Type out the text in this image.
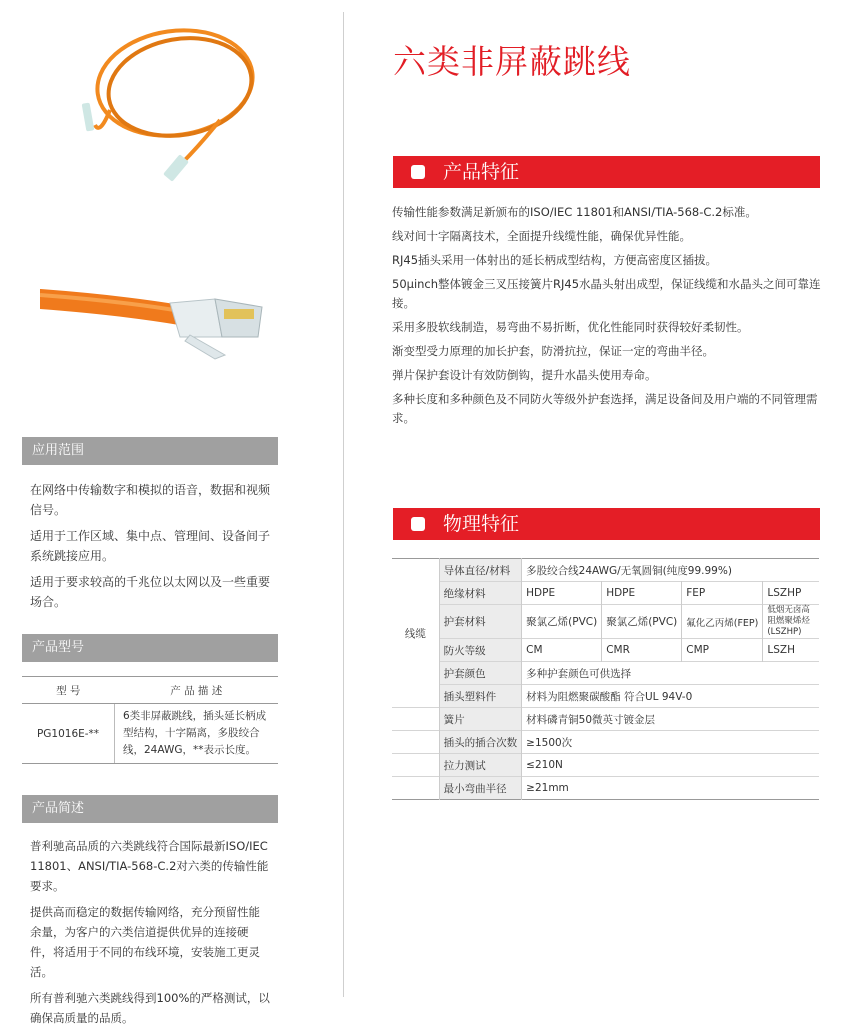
应用范围

在网络中传输数字和模拟的语音，数据和视频信号。

适用于工作区域、集中点、管理间、设备间子系统跳接应用。

适用于要求较高的千兆位以太网以及一些重要场合。

产品型号
型 号	产 品 描 述
PG1016E-**	6类非屏蔽跳线，插头延长柄成型结构，十字隔离，多股绞合线，24AWG，**表示长度。
产品简述

普利驰高品质的六类跳线符合国际最新ISO/IEC 11801、ANSI/TIA-568-C.2对六类的传输性能要求。

提供高而稳定的数据传输网络，充分预留性能余量，为客户的六类信道提供优异的连接硬件，将适用于不同的布线环境，安装施工更灵活。

所有普利驰六类跳线得到100%的严格测试，以确保高质量的品质。

六类非屏蔽跳线
产品特征

传输性能参数满足新颁布的ISO/IEC 11801和ANSI/TIA-568-C.2标准。

线对间十字隔离技术，全面提升线缆性能，确保优异性能。

RJ45插头采用一体射出的延长柄成型结构，方便高密度区插拔。

50μinch整体镀金三叉压接簧片RJ45水晶头射出成型，保证线缆和水晶头之间可靠连接。

采用多股软线制造，易弯曲不易折断，优化性能同时获得较好柔韧性。

渐变型受力原理的加长护套，防滑抗拉，保证一定的弯曲半径。

弹片保护套设计有效防倒钩，提升水晶头使用寿命。

多种长度和多种颜色及不同防火等级外护套选择，满足设备间及用户端的不同管理需求。

物理特征
线缆	导体直径/材料	多股绞合线24AWG/无氧圆铜(纯度99.99%)			
	绝缘材料	HDPE	HDPE	FEP	LSZHP
	护套材料	聚氯乙烯(PVC)	聚氯乙烯(PVC)	氟化乙丙烯(FEP)	低烟无卤高阻燃聚烯烃(LSZHP)

	防火等级	CM	CMR	CMP	LSZH
	护套颜色	多种护套颜色可供选择			
	插头塑料件	材料为阻燃聚碳酸酯 符合UL 94V-0			
	簧片	材料磷青铜50微英寸镀金层			
	插头的插合次数	≥1500次			
	拉力测试	≤210N			
	最小弯曲半径	≥21mm			
